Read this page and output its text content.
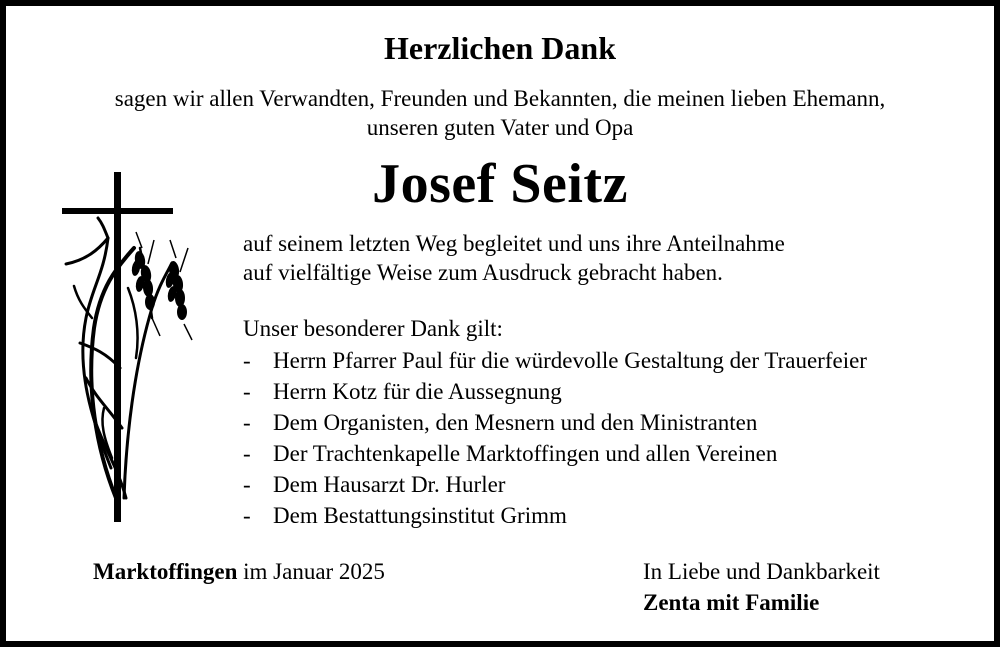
Herzlichen Dank
sagen wir allen Verwandten, Freunden und Bekannten, die meinen lieben Ehemann,
unseren guten Vater und Opa
Josef Seitz
auf seinem letzten Weg begleitet und uns ihre Anteilnahme
auf vielfältige Weise zum Ausdruck gebracht haben.
Unser besonderer Dank gilt:
- Herrn Pfarrer Paul für die würdevolle Gestaltung der Trauerfeier
- Herrn Kotz für die Aussegnung
- Dem Organisten, den Mesnern und den Ministranten
- Der Trachtenkapelle Marktoffingen und allen Vereinen
- Dem Hausarzt Dr. Hurler
- Dem Bestattungsinstitut Grimm
Marktoffingen im Januar 2025	In Liebe und Dankbarkeit
Zenta mit Familie
